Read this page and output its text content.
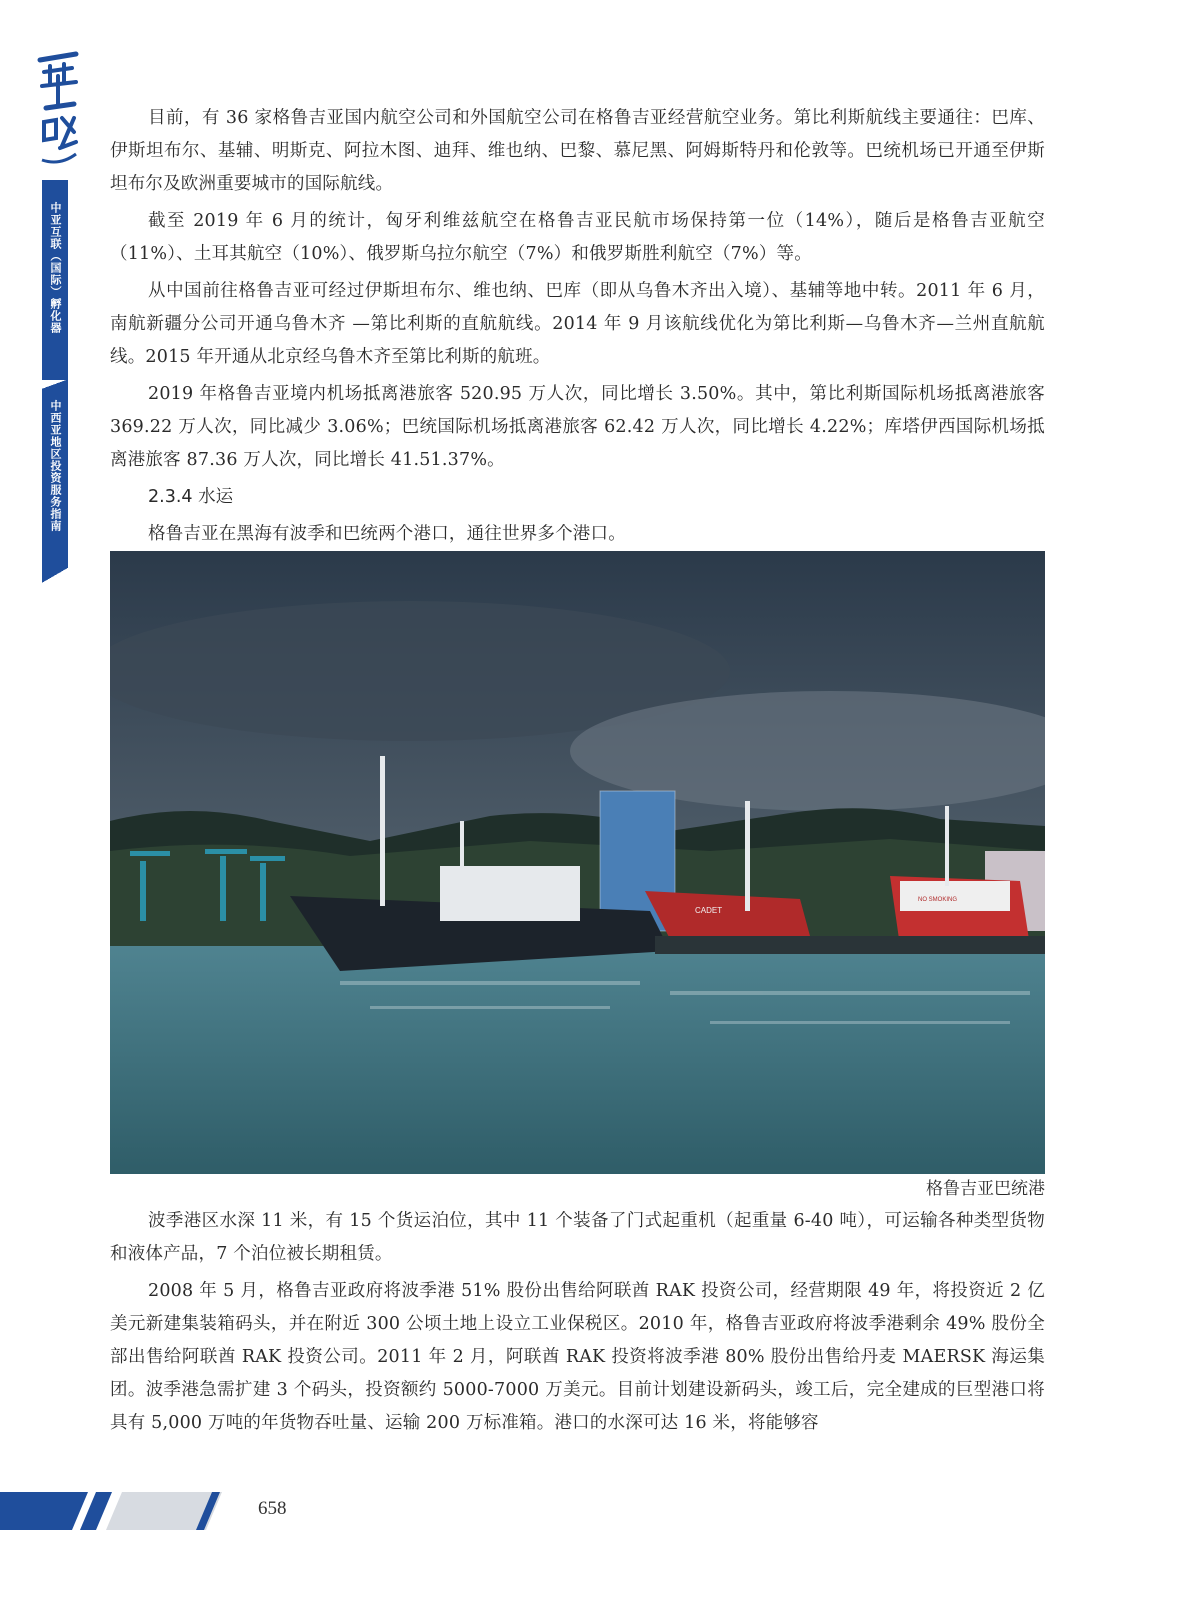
中亚互联（国际）孵化器
中西亚地区投资服务指南

目前，有 36 家格鲁吉亚国内航空公司和外国航空公司在格鲁吉亚经营航空业务。第比利斯航线主要通往：巴库、伊斯坦布尔、基辅、明斯克、阿拉木图、迪拜、维也纳、巴黎、慕尼黑、阿姆斯特丹和伦敦等。巴统机场已开通至伊斯坦布尔及欧洲重要城市的国际航线。

截至 2019 年 6 月的统计，匈牙利维兹航空在格鲁吉亚民航市场保持第一位（14%），随后是格鲁吉亚航空（11%）、土耳其航空（10%）、俄罗斯乌拉尔航空（7%）和俄罗斯胜利航空（7%）等。

从中国前往格鲁吉亚可经过伊斯坦布尔、维也纳、巴库（即从乌鲁木齐出入境）、基辅等地中转。2011 年 6 月，南航新疆分公司开通乌鲁木齐 —第比利斯的直航航线。2014 年 9 月该航线优化为第比利斯—乌鲁木齐—兰州直航航线。2015 年开通从北京经乌鲁木齐至第比利斯的航班。

2019 年格鲁吉亚境内机场抵离港旅客 520.95 万人次，同比增长 3.50%。其中，第比利斯国际机场抵离港旅客 369.22 万人次，同比减少 3.06%；巴统国际机场抵离港旅客 62.42 万人次，同比增长 4.22%；库塔伊西国际机场抵离港旅客 87.36 万人次，同比增长 41.51.37%。

2.3.4 水运

格鲁吉亚在黑海有波季和巴统两个港口，通往世界多个港口。

CADET
NO SMOKING
格鲁吉亚巴统港

波季港区水深 11 米，有 15 个货运泊位，其中 11 个装备了门式起重机（起重量 6-40 吨），可运输各种类型货物和液体产品，7 个泊位被长期租赁。

2008 年 5 月，格鲁吉亚政府将波季港 51% 股份出售给阿联酋 RAK 投资公司，经营期限 49 年，将投资近 2 亿美元新建集装箱码头，并在附近 300 公顷土地上设立工业保税区。2010 年，格鲁吉亚政府将波季港剩余 49% 股份全部出售给阿联酋 RAK 投资公司。2011 年 2 月，阿联酋 RAK 投资将波季港 80% 股份出售给丹麦 MAERSK 海运集团。波季港急需扩建 3 个码头，投资额约 5000-7000 万美元。目前计划建设新码头，竣工后，完全建成的巨型港口将具有 5,000 万吨的年货物吞吐量、运输 200 万标准箱。港口的水深可达 16 米，将能够容

658
